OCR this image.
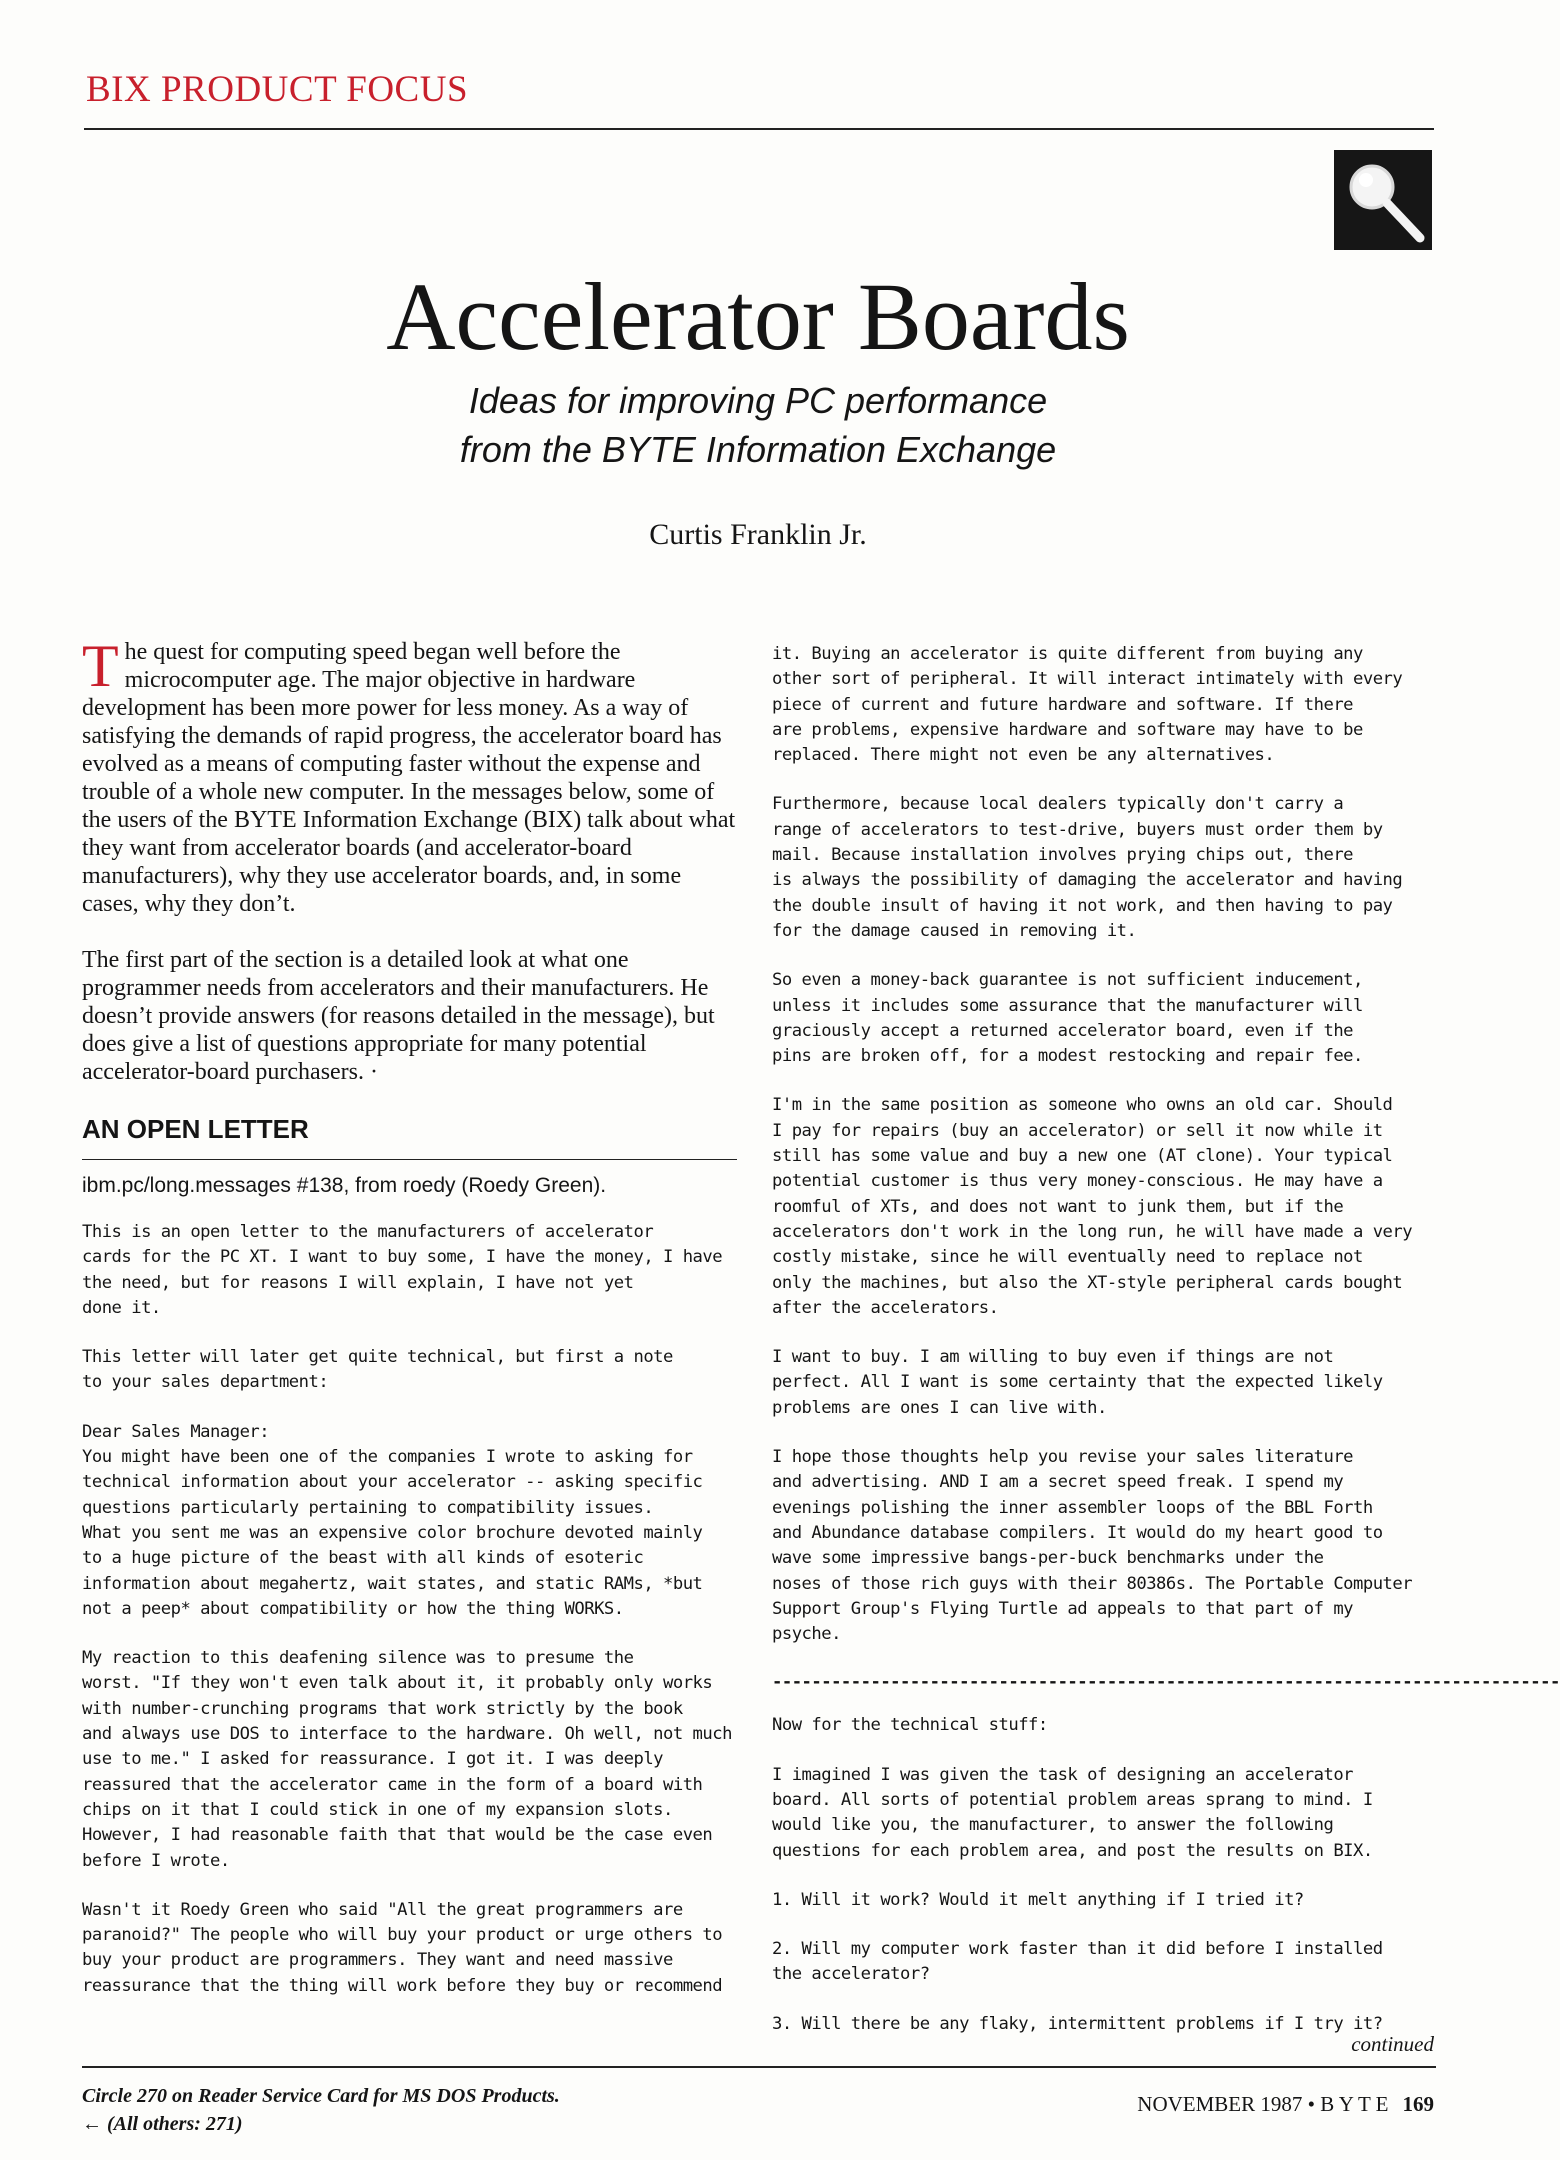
BIX PRODUCT FOCUS
Accelerator Boards
Ideas for improving PC performance
from the BYTE Information Exchange
Curtis Franklin Jr.

The quest for computing speed began well before the microcomputer age. The major objective in hardware development has been more power for less money. As a way of satisfying the demands of rapid progress, the accelerator board has evolved as a means of computing faster without the expense and trouble of a whole new computer. In the messages below, some of the users of the BYTE Information Exchange (BIX) talk about what they want from accelerator boards (and accelerator-board manufacturers), why they use accelerator boards, and, in some cases, why they don’t.

The first part of the section is a detailed look at what one programmer needs from accelerators and their manufacturers. He doesn’t provide answers (for reasons detailed in the message), but does give a list of questions appropriate for many potential accelerator-board purchasers. ·

AN OPEN LETTER
ibm.pc/long.messages #138, from roedy (Roedy Green).

This is an open letter to the manufacturers of accelerator
cards for the PC XT. I want to buy some, I have the money, I have
the need, but for reasons I will explain, I have not yet
done it.

This letter will later get quite technical, but first a note
to your sales department:

Dear Sales Manager:
You might have been one of the companies I wrote to asking for
technical information about your accelerator -- asking specific
questions particularly pertaining to compatibility issues.
What you sent me was an expensive color brochure devoted mainly
to a huge picture of the beast with all kinds of esoteric
information about megahertz, wait states, and static RAMs, *but
not a peep* about compatibility or how the thing WORKS.

My reaction to this deafening silence was to presume the
worst. "If they won't even talk about it, it probably only works
with number-crunching programs that work strictly by the book
and always use DOS to interface to the hardware. Oh well, not much
use to me." I asked for reassurance. I got it. I was deeply
reassured that the accelerator came in the form of a board with
chips on it that I could stick in one of my expansion slots.
However, I had reasonable faith that that would be the case even
before I wrote.

Wasn't it Roedy Green who said "All the great programmers are
paranoid?" The people who will buy your product or urge others to
buy your product are programmers. They want and need massive
reassurance that the thing will work before they buy or recommend

it. Buying an accelerator is quite different from buying any
other sort of peripheral. It will interact intimately with every
piece of current and future hardware and software. If there
are problems, expensive hardware and software may have to be
replaced. There might not even be any alternatives.

Furthermore, because local dealers typically don't carry a
range of accelerators to test-drive, buyers must order them by
mail. Because installation involves prying chips out, there
is always the possibility of damaging the accelerator and having
the double insult of having it not work, and then having to pay
for the damage caused in removing it.

So even a money-back guarantee is not sufficient inducement,
unless it includes some assurance that the manufacturer will
graciously accept a returned accelerator board, even if the
pins are broken off, for a modest restocking and repair fee.

I'm in the same position as someone who owns an old car. Should
I pay for repairs (buy an accelerator) or sell it now while it
still has some value and buy a new one (AT clone). Your typical
potential customer is thus very money-conscious. He may have a
roomful of XTs, and does not want to junk them, but if the
accelerators don't work in the long run, he will have made a very
costly mistake, since he will eventually need to replace not
only the machines, but also the XT-style peripheral cards bought
after the accelerators.

I want to buy. I am willing to buy even if things are not
perfect. All I want is some certainty that the expected likely
problems are ones I can live with.

I hope those thoughts help you revise your sales literature
and advertising. AND I am a secret speed freak. I spend my
evenings polishing the inner assembler loops of the BBL Forth
and Abundance database compilers. It would do my heart good to
wave some impressive bangs-per-buck benchmarks under the
noses of those rich guys with their 80386s. The Portable Computer
Support Group's Flying Turtle ad appeals to that part of my
psyche.

--------------------------------------------------------------------------------

Now for the technical stuff:

I imagined I was given the task of designing an accelerator
board. All sorts of potential problem areas sprang to mind. I
would like you, the manufacturer, to answer the following
questions for each problem area, and post the results on BIX.

1. Will it work? Would it melt anything if I tried it?

2. Will my computer work faster than it did before I installed
the accelerator?

3. Will there be any flaky, intermittent problems if I try it?

continued
Circle 270 on Reader Service Card for MS DOS Products.
← (All others: 271)
NOVEMBER 1987 • B Y T E 169
